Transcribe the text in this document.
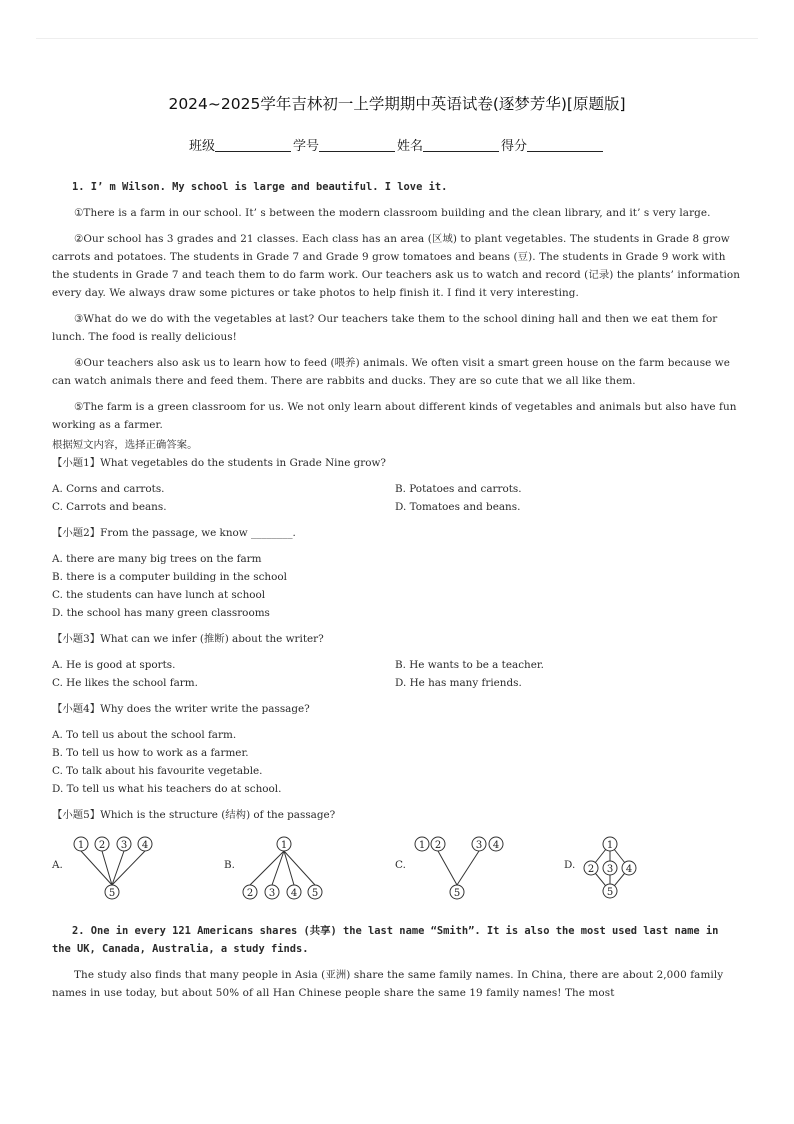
2024~2025学年吉林初一上学期期中英语试卷(逐梦芳华)[原题版]
班级	学号	姓名	得分
1. I’ m Wilson. My school is large and beautiful. I love it.

①There is a farm in our school. It’ s between the modern classroom building and the clean library, and it’ s very large.

②Our school has 3 grades and 21 classes. Each class has an area (区域) to plant vegetables. The students in Grade 8 grow carrots and potatoes. The students in Grade 7 and Grade 9 grow tomatoes and beans (豆). The students in Grade 9 work with the students in Grade 7 and teach them to do farm work. Our teachers ask us to watch and record (记录) the plants’ information every day. We always draw some pictures or take photos to help finish it. I find it very interesting.

③What do we do with the vegetables at last? Our teachers take them to the school dining hall and then we eat them for lunch. The food is really delicious!

④Our teachers also ask us to learn how to feed (喂养) animals. We often visit a smart green house on the farm because we can watch animals there and feed them. There are rabbits and ducks. They are so cute that we all like them.

⑤The farm is a green classroom for us. We not only learn about different kinds of vegetables and animals but also have fun working as a farmer.

根据短文内容，选择正确答案。

【小题1】What vegetables do the students in Grade Nine grow?

A. Corns and carrots.	B. Potatoes and carrots.
C. Carrots and beans.	D. Tomatoes and beans.

【小题2】From the passage, we know ________.

A. there are many big trees on the farm
B. there is a computer building in the school
C. the students can have lunch at school
D. the school has many green classrooms

【小题3】What can we infer (推断) about the writer?

A. He is good at sports.	B. He wants to be a teacher.
C. He likes the school farm.	D. He has many friends.

【小题4】Why does the writer write the passage?

A. To tell us about the school farm.
B. To tell us how to work as a farmer.
C. To talk about his favourite vegetable.
D. To tell us what his teachers do at school.

【小题5】Which is the structure (结构) of the passage?

A.
1 2 3 4
5
B.
1
2 3 4 5
C.
1 2	3 4
5
D.
1
2 3 4
5
2. One in every 121 Americans shares (共享) the last name “Smith”. It is also the most used last name in the UK, Canada, Australia, a study finds.

The study also finds that many people in Asia (亚洲) share the same family names. In China, there are about 2,000 family names in use today, but about 50% of all Han Chinese people share the same 19 family names! The most
